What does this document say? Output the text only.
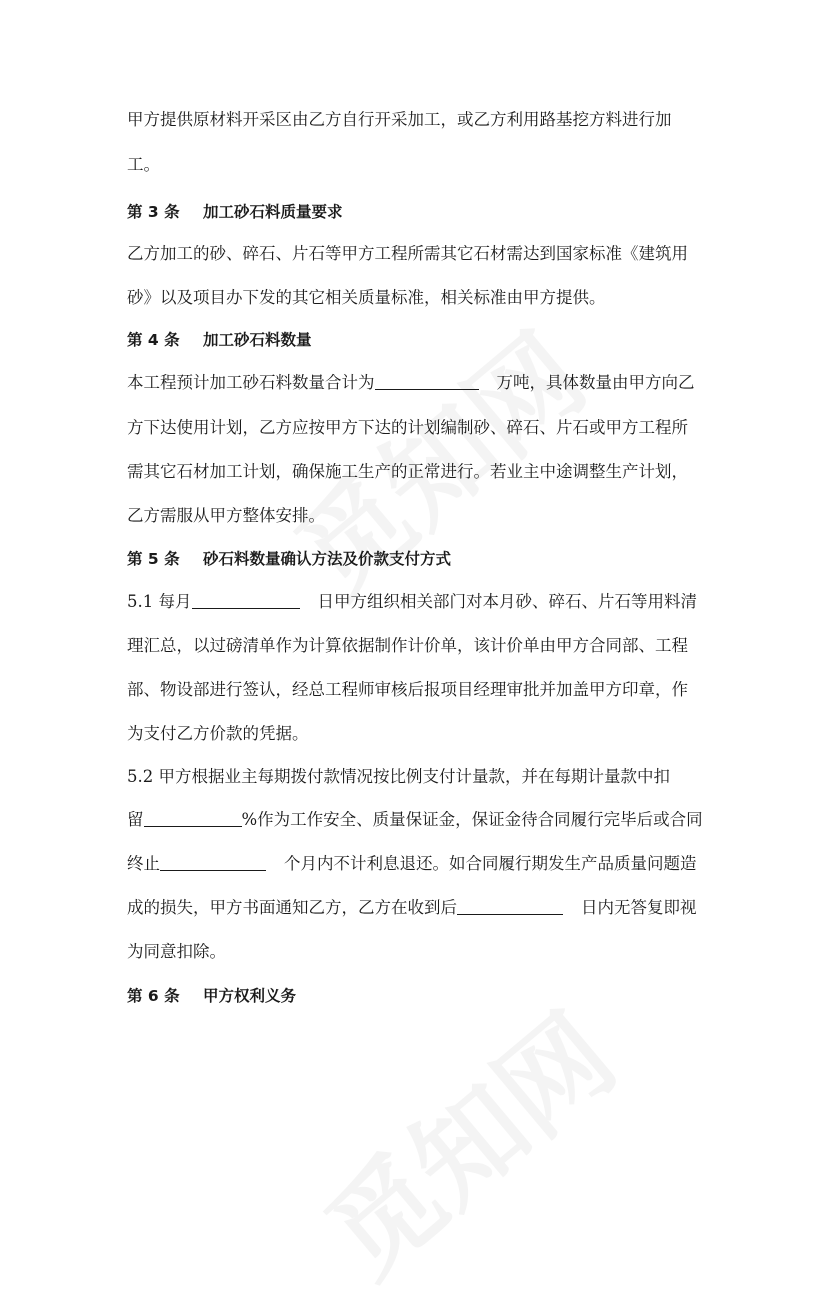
甲方提供原材料开采区由乙方自行开采加工，或乙方利用路基挖方料进行加

工。

第 3 条 加工砂石料质量要求

乙方加工的砂、碎石、片石等甲方工程所需其它石材需达到国家标准《建筑用

砂》以及项目办下发的其它相关质量标准，相关标准由甲方提供。

第 4 条 加工砂石料数量

本工程预计加工砂石料数量合计为	万吨，具体数量由甲方向乙

方下达使用计划，乙方应按甲方下达的计划编制砂、碎石、片石或甲方工程所

需其它石材加工计划，确保施工生产的正常进行。若业主中途调整生产计划，

乙方需服从甲方整体安排。

第 5 条 砂石料数量确认方法及价款支付方式

5.1 每月	日甲方组织相关部门对本月砂、碎石、片石等用料清

理汇总，以过磅清单作为计算依据制作计价单，该计价单由甲方合同部、工程

部、物设部进行签认，经总工程师审核后报项目经理审批并加盖甲方印章，作

为支付乙方价款的凭据。

5.2 甲方根据业主每期拨付款情况按比例支付计量款，并在每期计量款中扣

留	%作为工作安全、质量保证金，保证金待合同履行完毕后或合同

终止	个月内不计利息退还。如合同履行期发生产品质量问题造

成的损失，甲方书面通知乙方，乙方在收到后	日内无答复即视

为同意扣除。

第 6 条 甲方权利义务
